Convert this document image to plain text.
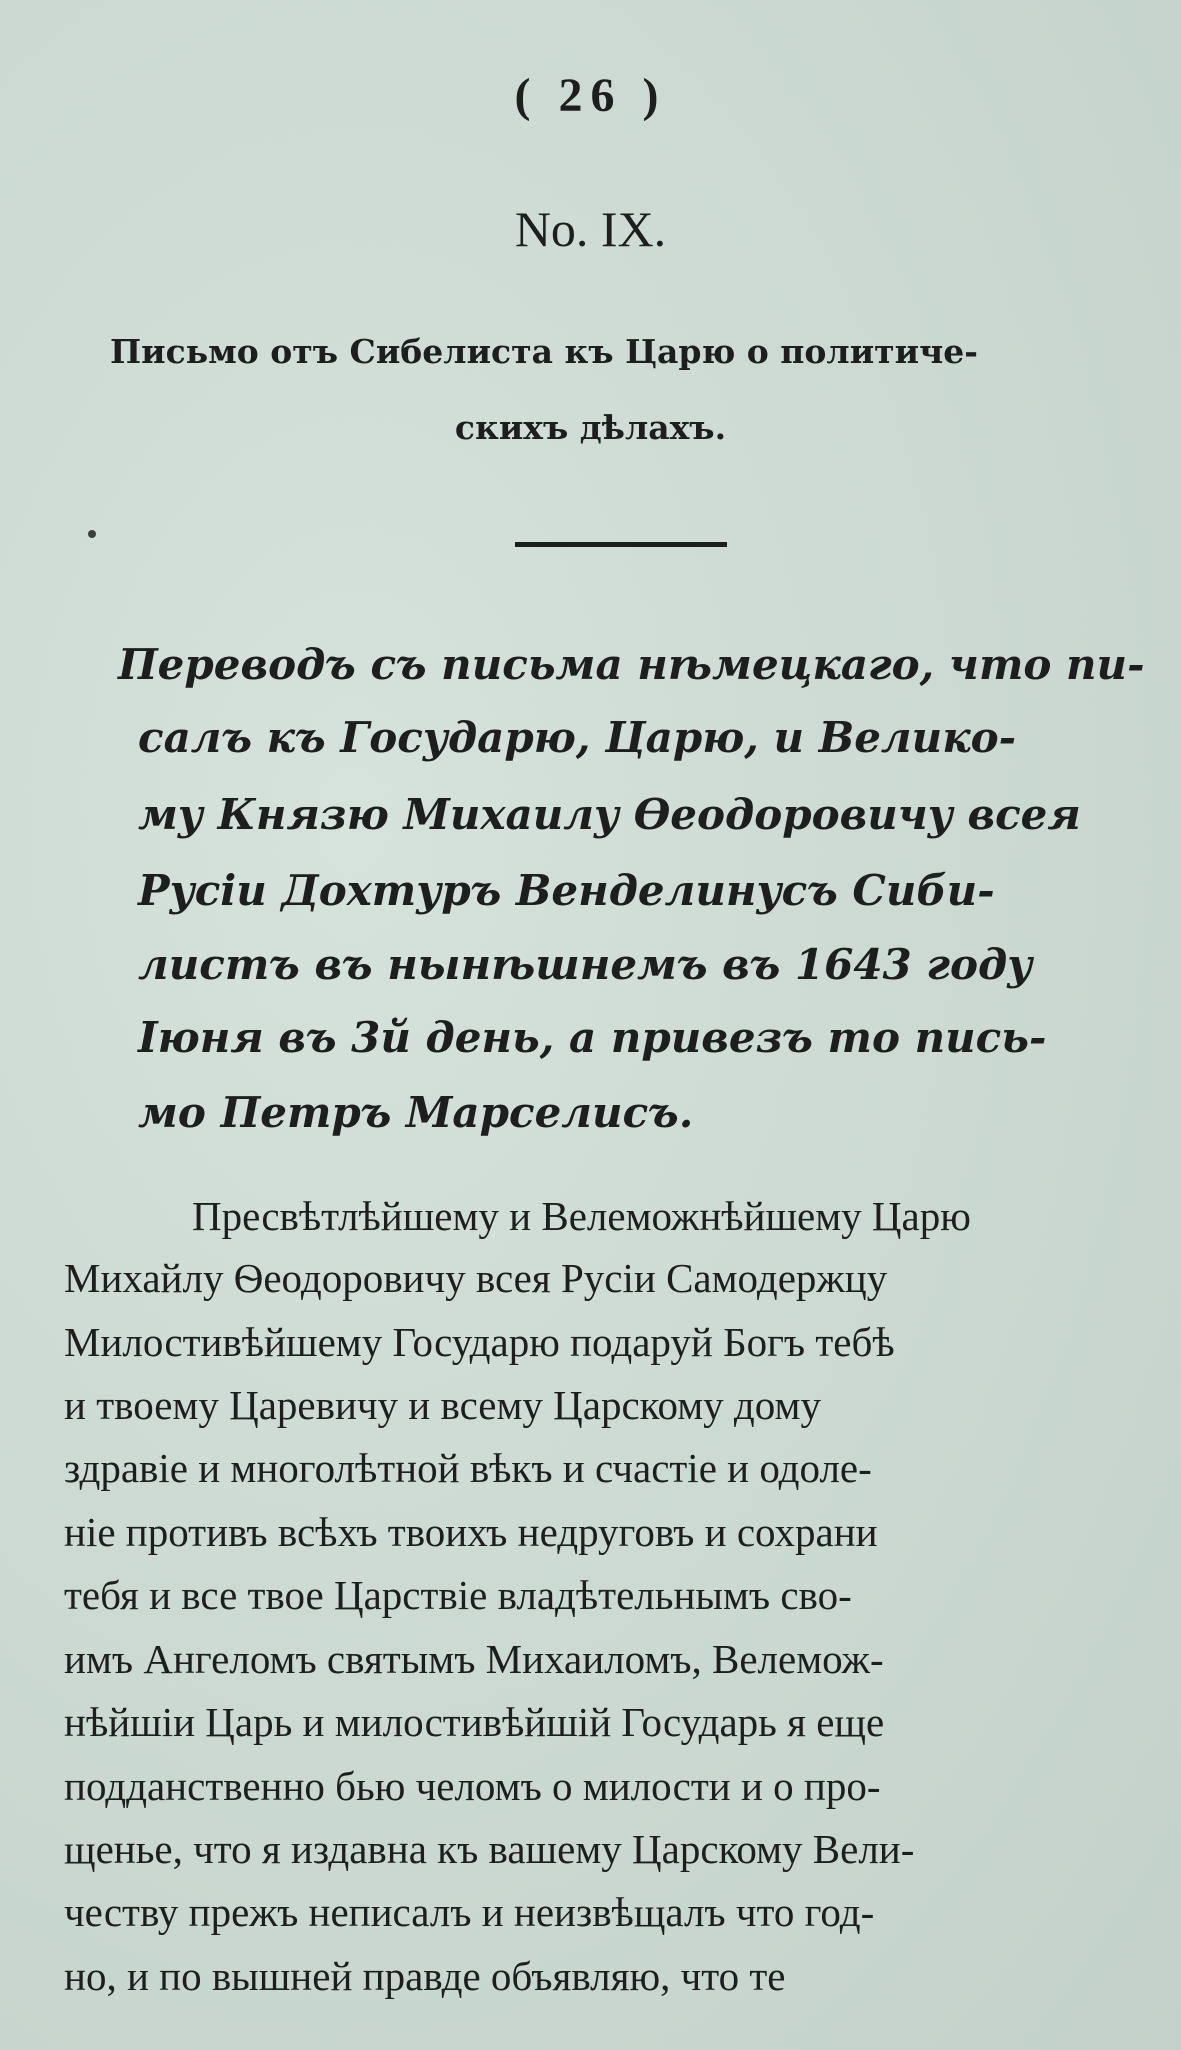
( 26 )
No. IX.
Письмо отъ Сибелиста къ Царю о политиче-
скихъ дѣлахъ.
Переводъ съ письма нѣмецкаго, что пи-
салъ къ Государю, Царю, и Велико-
му Князю Михаилу Ѳеодоровичу всея
Русіи Дохтуръ Венделинусъ Сиби-
листъ въ нынѣшнемъ въ 1643 году
Іюня въ 3й день, а привезъ то пись-
мо Петръ Марселисъ.
Пресвѣтлѣйшему и Велеможнѣйшему Царю
Михайлу Ѳеодоровичу всея Русіи Самодержцу
Милостивѣйшему Государю подаруй Богъ тебѣ
и твоему Царевичу и всему Царскому дому
здравіе и многолѣтной вѣкъ и счастіе и одоле-
ніе противъ всѣхъ твоихъ недруговъ и сохрани
тебя и все твое Царствіе владѣтельнымъ сво-
имъ Ангеломъ святымъ Михаиломъ, Велемож-
нѣйшіи Царь и милостивѣйшій Государь я еще
подданственно бью челомъ о милости и о про-
щенье, что я издавна къ вашему Царскому Вели-
честву прежъ неписалъ и неизвѣщалъ что год-
но, и по вышней правде объявляю, что те
